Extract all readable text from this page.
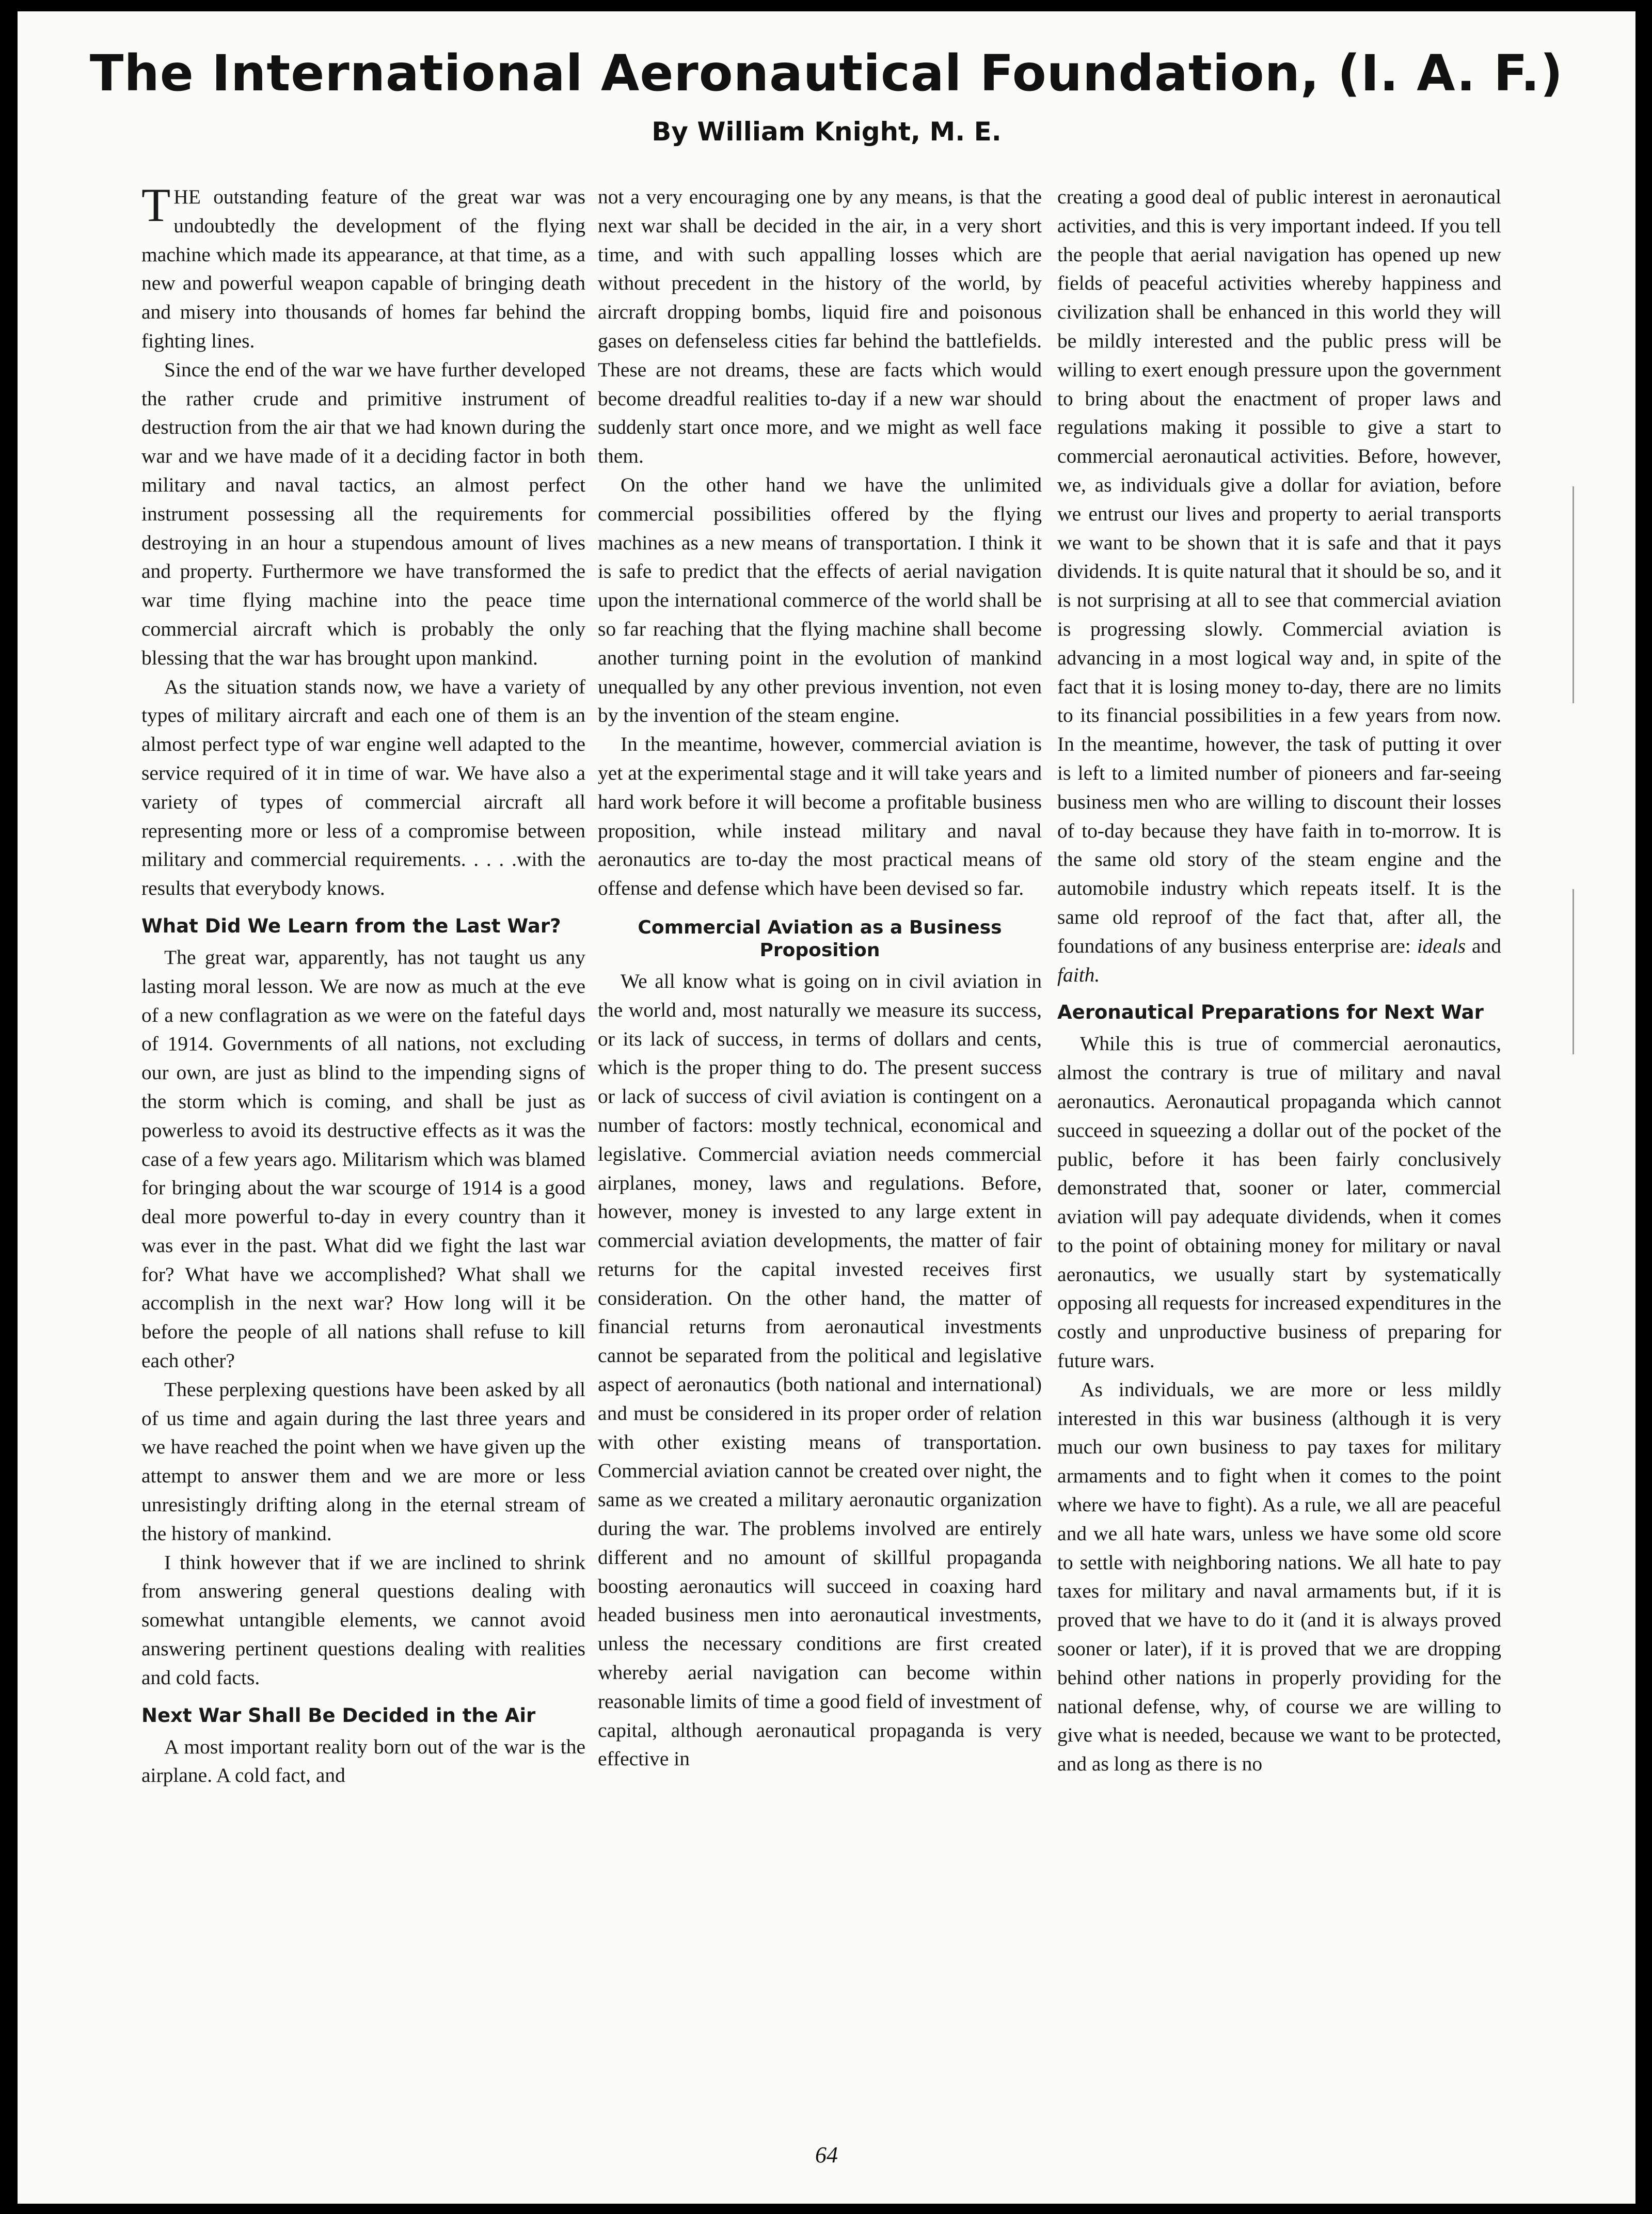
The International Aeronautical Foundation, (I. A. F.)
By William Knight, M. E.

THE outstanding feature of the great war was undoubtedly the development of the flying machine which made its appearance, at that time, as a new and powerful weapon capable of bringing death and misery into thousands of homes far behind the fighting lines.

Since the end of the war we have further developed the rather crude and primitive instrument of destruction from the air that we had known during the war and we have made of it a deciding factor in both military and naval tactics, an almost perfect instrument possessing all the requirements for destroying in an hour a stupendous amount of lives and property. Furthermore we have transformed the war time flying machine into the peace time commercial aircraft which is probably the only blessing that the war has brought upon mankind.

As the situation stands now, we have a variety of types of military aircraft and each one of them is an almost perfect type of war engine well adapted to the service required of it in time of war. We have also a variety of types of commercial aircraft all representing more or less of a compromise between military and commercial requirements. . . . .with the results that everybody knows.

What Did We Learn from the Last War?

The great war, apparently, has not taught us any lasting moral lesson. We are now as much at the eve of a new conflagration as we were on the fateful days of 1914. Governments of all nations, not excluding our own, are just as blind to the impending signs of the storm which is coming, and shall be just as powerless to avoid its destructive effects as it was the case of a few years ago. Militarism which was blamed for bringing about the war scourge of 1914 is a good deal more powerful to-day in every country than it was ever in the past. What did we fight the last war for? What have we accomplished? What shall we accomplish in the next war? How long will it be before the people of all nations shall refuse to kill each other?

These perplexing questions have been asked by all of us time and again during the last three years and we have reached the point when we have given up the attempt to answer them and we are more or less unresistingly drifting along in the eternal stream of the history of mankind.

I think however that if we are inclined to shrink from answering general questions dealing with somewhat untangible elements, we cannot avoid answering pertinent questions dealing with realities and cold facts.

Next War Shall Be Decided in the Air

A most important reality born out of the war is the airplane. A cold fact, and

not a very encouraging one by any means, is that the next war shall be decided in the air, in a very short time, and with such appalling losses which are without precedent in the history of the world, by aircraft dropping bombs, liquid fire and poisonous gases on defenseless cities far behind the battlefields. These are not dreams, these are facts which would become dreadful realities to-day if a new war should suddenly start once more, and we might as well face them.

On the other hand we have the unlimited commercial possibilities offered by the flying machines as a new means of transportation. I think it is safe to predict that the effects of aerial navigation upon the international commerce of the world shall be so far reaching that the flying machine shall become another turning point in the evolution of mankind unequalled by any other previous invention, not even by the invention of the steam engine.

In the meantime, however, commercial aviation is yet at the experimental stage and it will take years and hard work before it will become a profitable business proposition, while instead military and naval aeronautics are to-day the most practical means of offense and defense which have been devised so far.

Commercial Aviation as a Business Proposition

We all know what is going on in civil aviation in the world and, most naturally we measure its success, or its lack of success, in terms of dollars and cents, which is the proper thing to do. The present success or lack of success of civil aviation is contingent on a number of factors: mostly technical, economical and legislative. Commercial aviation needs commercial airplanes, money, laws and regulations. Before, however, money is invested to any large extent in commercial aviation developments, the matter of fair returns for the capital invested receives first consideration. On the other hand, the matter of financial returns from aeronautical investments cannot be separated from the political and legislative aspect of aeronautics (both national and international) and must be considered in its proper order of relation with other existing means of transportation. Commercial aviation cannot be created over night, the same as we created a military aeronautic organization during the war. The problems involved are entirely different and no amount of skillful propaganda boosting aeronautics will succeed in coaxing hard headed business men into aeronautical investments, unless the necessary conditions are first created whereby aerial navigation can become within reasonable limits of time a good field of investment of capital, although aeronautical propaganda is very effective in

creating a good deal of public interest in aeronautical activities, and this is very important indeed. If you tell the people that aerial navigation has opened up new fields of peaceful activities whereby happiness and civilization shall be enhanced in this world they will be mildly interested and the public press will be willing to exert enough pressure upon the government to bring about the enactment of proper laws and regulations making it possible to give a start to commercial aeronautical activities. Before, however, we, as individuals give a dollar for aviation, before we entrust our lives and property to aerial transports we want to be shown that it is safe and that it pays dividends. It is quite natural that it should be so, and it is not surprising at all to see that commercial aviation is progressing slowly. Commercial aviation is advancing in a most logical way and, in spite of the fact that it is losing money to-day, there are no limits to its financial possibilities in a few years from now. In the meantime, however, the task of putting it over is left to a limited number of pioneers and far-seeing business men who are willing to discount their losses of to-day because they have faith in to-morrow. It is the same old story of the steam engine and the automobile industry which repeats itself. It is the same old reproof of the fact that, after all, the foundations of any business enterprise are: ideals and faith.

Aeronautical Preparations for Next War

While this is true of commercial aeronautics, almost the contrary is true of military and naval aeronautics. Aeronautical propaganda which cannot succeed in squeezing a dollar out of the pocket of the public, before it has been fairly conclusively demonstrated that, sooner or later, commercial aviation will pay adequate dividends, when it comes to the point of obtaining money for military or naval aeronautics, we usually start by systematically opposing all requests for increased expenditures in the costly and unproductive business of preparing for future wars.

As individuals, we are more or less mildly interested in this war business (although it is very much our own business to pay taxes for military armaments and to fight when it comes to the point where we have to fight). As a rule, we all are peaceful and we all hate wars, unless we have some old score to settle with neighboring nations. We all hate to pay taxes for military and naval armaments but, if it is proved that we have to do it (and it is always proved sooner or later), if it is proved that we are dropping behind other nations in properly providing for the national defense, why, of course we are willing to give what is needed, because we want to be protected, and as long as there is no

64
